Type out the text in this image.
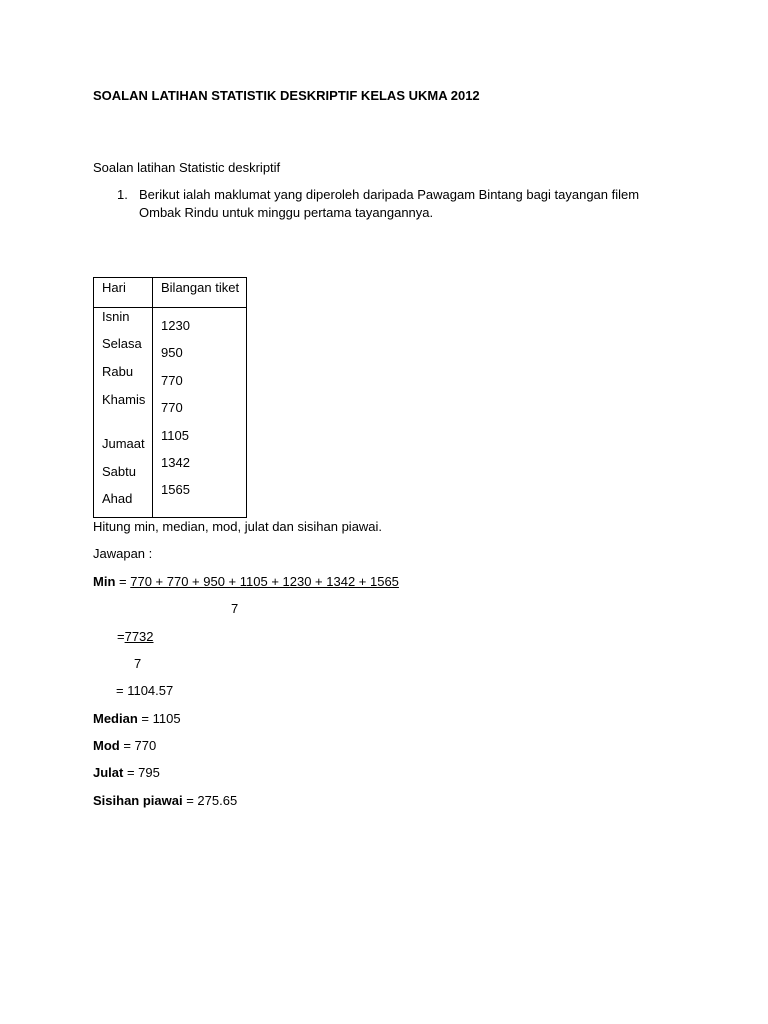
SOALAN LATIHAN STATISTIK DESKRIPTIF KELAS UKMA 2012
Soalan latihan Statistic deskriptif
1. Berikut ialah maklumat yang diperoleh daripada Pawagam Bintang bagi tayangan filem
Ombak Rindu untuk minggu pertama tayangannya.
Hari	Bilangan tiket
Isnin
Selasa
Rabu
Khamis
Jumaat
Sabtu
Ahad
1230
950
770
770
1105
1342
1565
Hitung min, median, mod, julat dan sisihan piawai.
Jawapan :
Min = 770 + 770 + 950 + 1105 + 1230 + 1342 + 1565
7
=7732
7
= 1104.57
Median = 1105
Mod = 770
Julat = 795
Sisihan piawai = 275.65
